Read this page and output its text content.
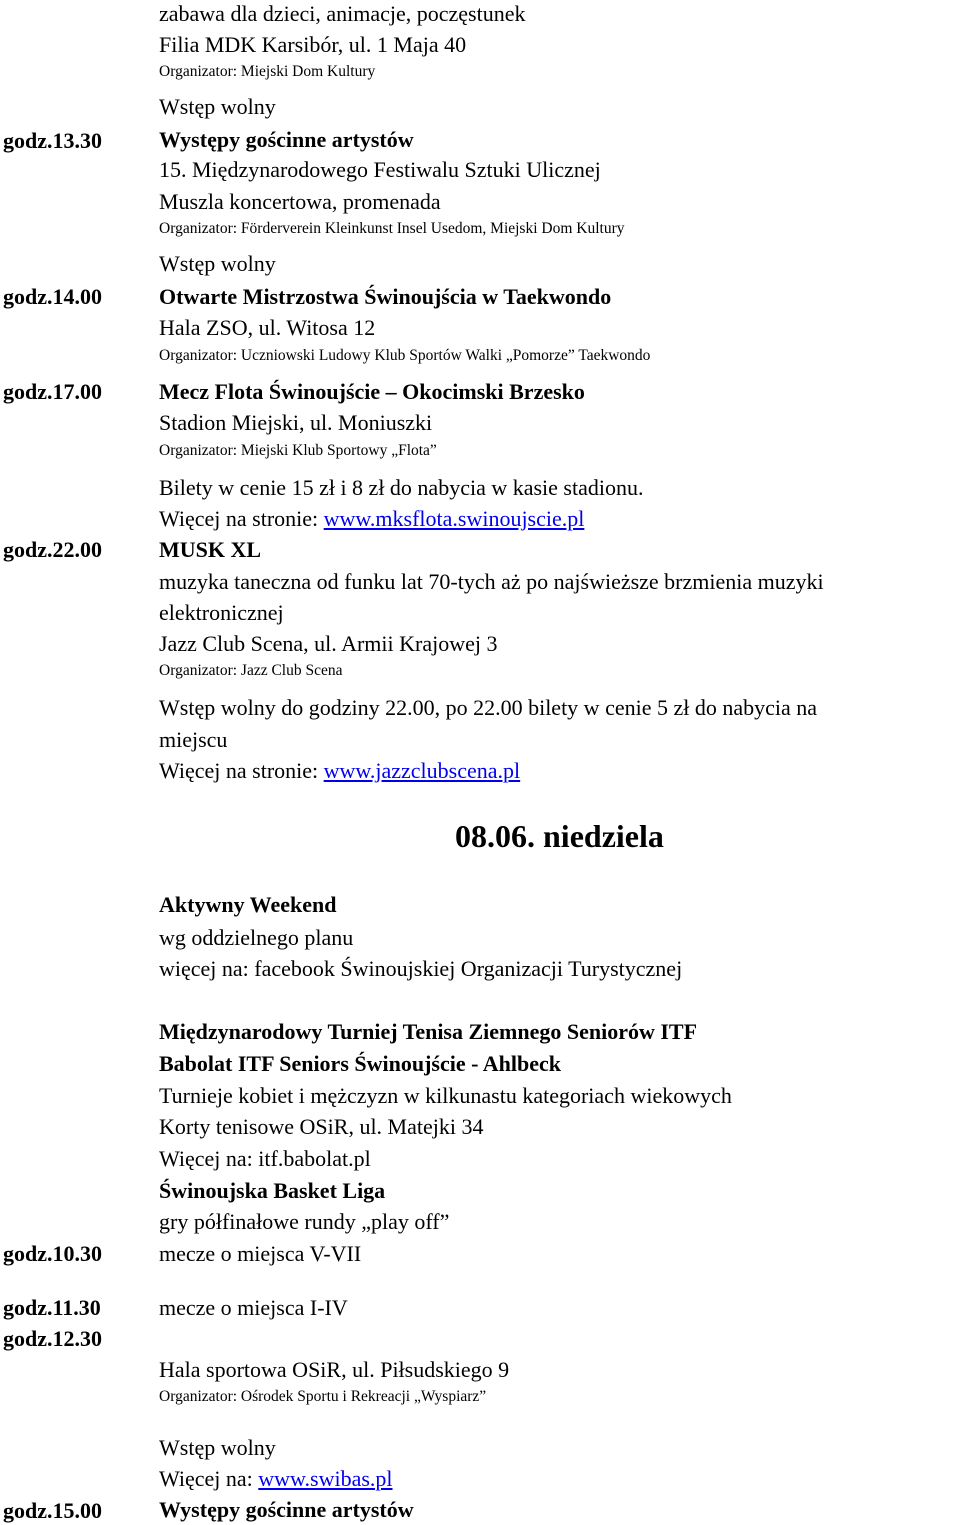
godz.13.30
godz.14.00
godz.17.00
godz.22.00
godz.10.30
godz.11.30
godz.12.30
godz.15.00
08.06. niedziela
zabawa dla dzieci, animacje, poczęstunek
Filia MDK Karsibór, ul. 1 Maja 40
Organizator: Miejski Dom Kultury
Wstęp wolny
Występy gościnne artystów
15. Międzynarodowego Festiwalu Sztuki Ulicznej
Muszla koncertowa, promenada
Organizator: Förderverein Kleinkunst Insel Usedom, Miejski Dom Kultury
Wstęp wolny
Otwarte Mistrzostwa Świnoujścia w Taekwondo
Hala ZSO, ul. Witosa 12
Organizator: Uczniowski Ludowy Klub Sportów Walki „Pomorze” Taekwondo
Mecz Flota Świnoujście – Okocimski Brzesko
Stadion Miejski, ul. Moniuszki
Organizator: Miejski Klub Sportowy „Flota”
Bilety w cenie 15 zł i 8 zł do nabycia w kasie stadionu.
Więcej na stronie: www.mksflota.swinoujscie.pl
MUSK XL
muzyka taneczna od funku lat 70-tych aż po najświeższe brzmienia muzyki
elektronicznej
Jazz Club Scena, ul. Armii Krajowej 3
Organizator: Jazz Club Scena
Wstęp wolny do godziny 22.00, po 22.00 bilety w cenie 5 zł do nabycia na
miejscu
Więcej na stronie: www.jazzclubscena.pl
Aktywny Weekend
wg oddzielnego planu
więcej na: facebook Świnoujskiej Organizacji Turystycznej
Międzynarodowy Turniej Tenisa Ziemnego Seniorów ITF
Babolat ITF Seniors Świnoujście - Ahlbeck
Turnieje kobiet i mężczyzn w kilkunastu kategoriach wiekowych
Korty tenisowe OSiR, ul. Matejki 34
Więcej na: itf.babolat.pl
Świnoujska Basket Liga
gry półfinałowe rundy „play off”
mecze o miejsca V-VII
mecze o miejsca I-IV
Hala sportowa OSiR, ul. Piłsudskiego 9
Organizator: Ośrodek Sportu i Rekreacji „Wyspiarz”
Wstęp wolny
Więcej na: www.swibas.pl
Występy gościnne artystów
